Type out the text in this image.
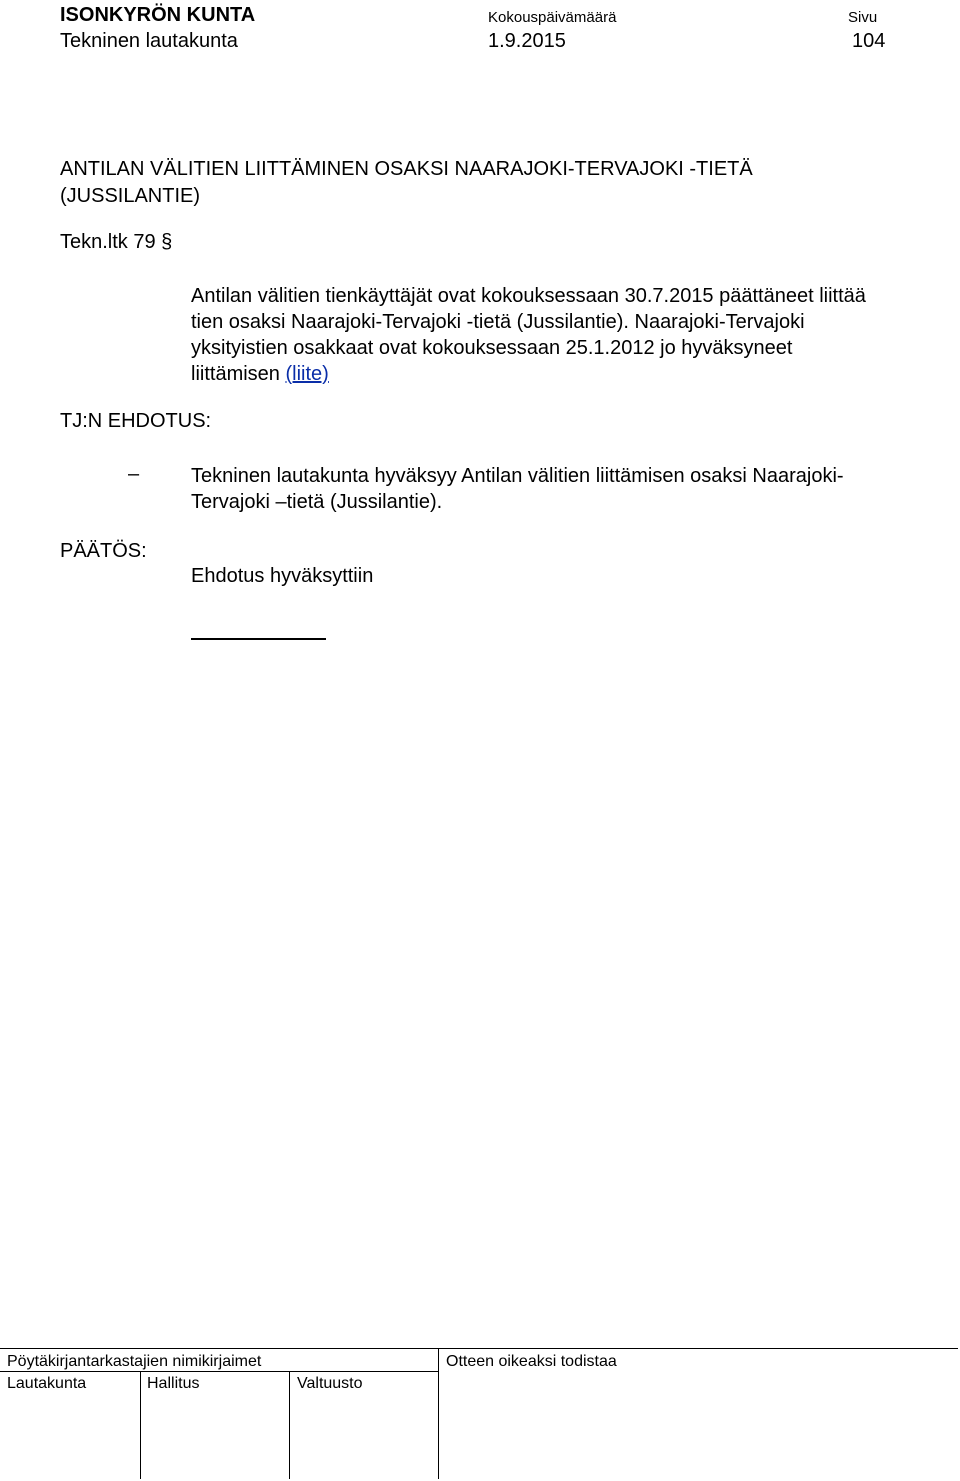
ISONKYRÖN KUNTA
Tekninen lautakunta
Kokouspäivämäärä
1.9.2015
Sivu
104
ANTILAN VÄLITIEN LIITTÄMINEN OSAKSI NAARAJOKI-TERVAJOKI -TIETÄ
(JUSSILANTIE)
Tekn.ltk 79 §
Antilan välitien tienkäyttäjät ovat kokouksessaan 30.7.2015 päättäneet liittää
tien osaksi Naarajoki-Tervajoki -tietä (Jussilantie). Naarajoki-Tervajoki
yksityistien osakkaat ovat kokouksessaan 25.1.2012 jo hyväksyneet
liittämisen (liite)
TJ:N EHDOTUS:
–	Tekninen lautakunta hyväksyy Antilan välitien liittämisen osaksi Naarajoki-
Tervajoki –tietä (Jussilantie).
PÄÄTÖS:
Ehdotus hyväksyttiin
Pöytäkirjantarkastajien nimikirjaimet	Otteen oikeaksi todistaa
Lautakunta	Hallitus	Valtuusto
